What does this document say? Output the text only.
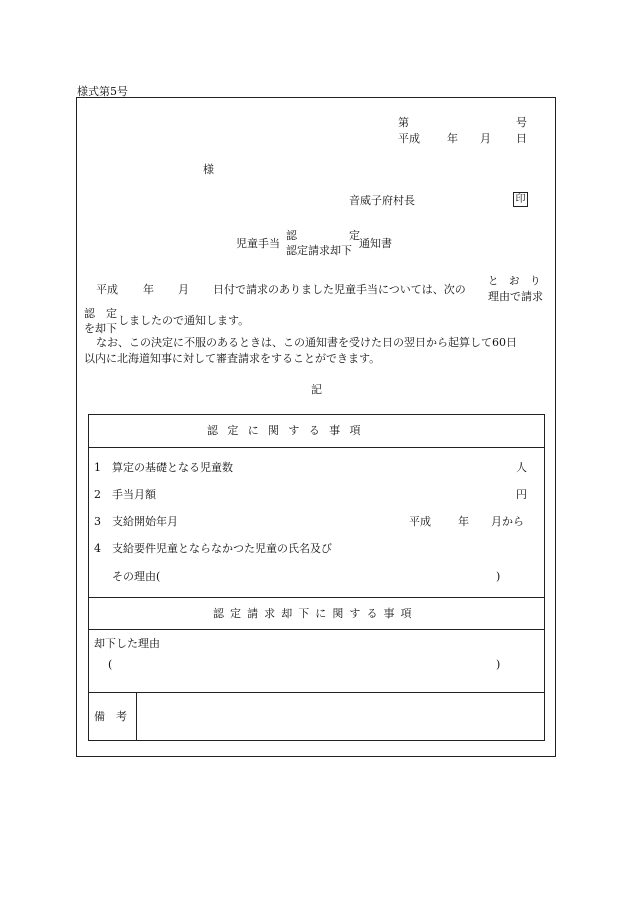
様式第5号
第	号
平成 年 月 日
様
音威子府村長	印
児童手当
認	定
認定請求却下
通知書
平成 年 月 日付で請求のありました児童手当については、次の
と　お　り
理由で請求
認　定
を却下
しましたので通知します。
なお、この決定に不服のあるときは、この通知書を受けた日の翌日から起算して60日
以内に北海道知事に対して審査請求をすることができます。
記
認定に関する事項
1 算定の基礎となる児童数	人
2 手当月額	円
3 支給開始年月	平成 年 月から
4 支給要件児童とならなかつた児童の氏名及び
その理由(	)
認定請求却下に関する事項
却下した理由
(	)
備　考
